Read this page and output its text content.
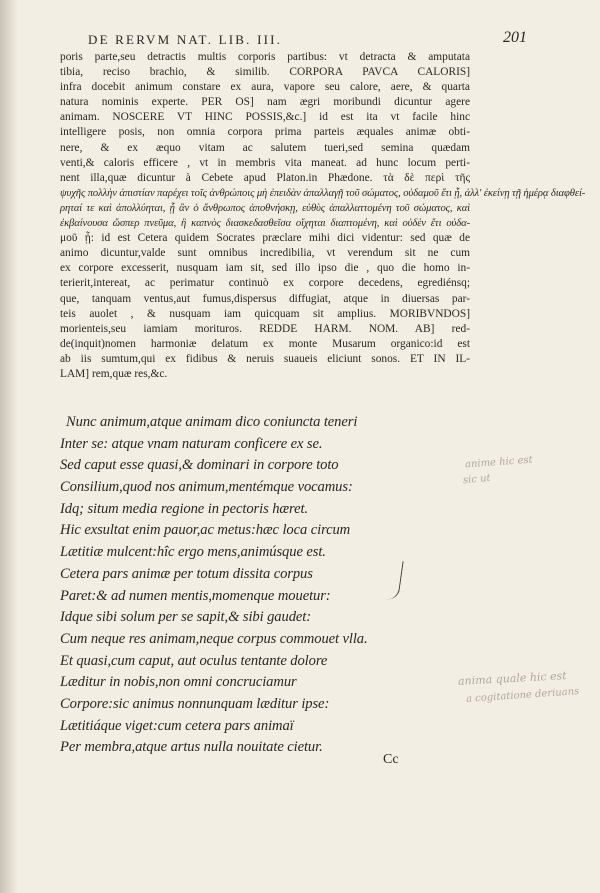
DE RERVM NAT. LIB. III.	201
poris parte,seu detractis multis corporis partibus: vt detracta & amputata
tibia, reciso brachio, & similib. CORPORA PAVCA CALORIS]
infra docebit animum constare ex aura, vapore seu calore, aere, & quarta
natura nominis experte. PER OS] nam ægri moribundi dicuntur agere
animam. NOSCERE VT HINC POSSIS,&c.] id est ita vt facile hinc
intelligere posis, non omnia corpora prima parteis æquales animæ obti-
nere, & ex æquo vitam ac salutem tueri,sed semina quædam
venti,& caloris efficere , vt in membris vita maneat. ad hunc locum perti-
nent illa,quæ dicuntur à Cebete apud Platon.in Phædone. τὰ δὲ περὶ τῆς
ψυχῆς πολλὴν ἀπιστίαν παρέχει τοῖς ἀνθρώποις μὴ ἐπειδὰν ἀπαλλαγῇ τοῦ σώματος, οὐδαμοῦ ἔτι ᾖ, ἀλλ' ἐκείνῃ τῇ ἡμέρᾳ διαφθεί-
ρηταί τε καὶ ἀπολλύηται, ᾗ ἂν ὁ ἄνθρωπος ἀποθνήσκῃ, εὐθὺς ἀπαλλαττομένη τοῦ σώματος, καὶ
ἐκβαίνουσα ὥσπερ πνεῦμα, ἢ καπνὸς διασκεδασθεῖσα οἴχηται διαπτομένη, καὶ οὐδὲν ἔτι οὐδα-
μοῦ ᾖ: id est Cetera quidem Socrates præclare mihi dici videntur: sed quæ de
animo dicuntur,valde sunt omnibus incredibilia, vt verendum sit ne cum
ex corpore excesserit, nusquam iam sit, sed illo ipso die , quo die homo in-
terierit,intereat, ac perimatur continuò ex corpore decedens, egrediénsq;
que, tanquam ventus,aut fumus,dispersus diffugiat, atque in diuersas par-
teis auolet , & nusquam iam quicquam sit amplius. MORIBVNDOS]
morienteis,seu iamiam morituros. REDDE HARM. NOM. AB] red-
de(inquit)nomen harmoniæ delatum ex monte Musarum organico:id est
ab iis sumtum,qui ex fidibus & neruis suaueis eliciunt sonos. ET IN IL-
LAM] rem,quæ res,&c.
Nunc animum,atque animam dico coniuncta teneri
Inter se: atque vnam naturam conficere ex se.
Sed caput esse quasi,& dominari in corpore toto
Consilium,quod nos animum,mentémque vocamus:
Idq; situm media regione in pectoris hæret.
Hic exsultat enim pauor,ac metus:hæc loca circum
Lætitiæ mulcent:hîc ergo mens,animúsque est.
Cetera pars animæ per totum dissita corpus
Paret:& ad numen mentis,momenque mouetur:
Idque sibi solum per se sapit,& sibi gaudet:
Cum neque res animam,neque corpus commouet vlla.
Et quasi,cum caput, aut oculus tentante dolore
Læditur in nobis,non omni concruciamur
Corpore:sic animus nonnunquam læditur ipse:
Lætitiáque viget:cum cetera pars animaï
Per membra,atque artus nulla nouitate cietur.
Cc
anime hic est
sic ut
anima quale hic est
a cogitatione deriuans
